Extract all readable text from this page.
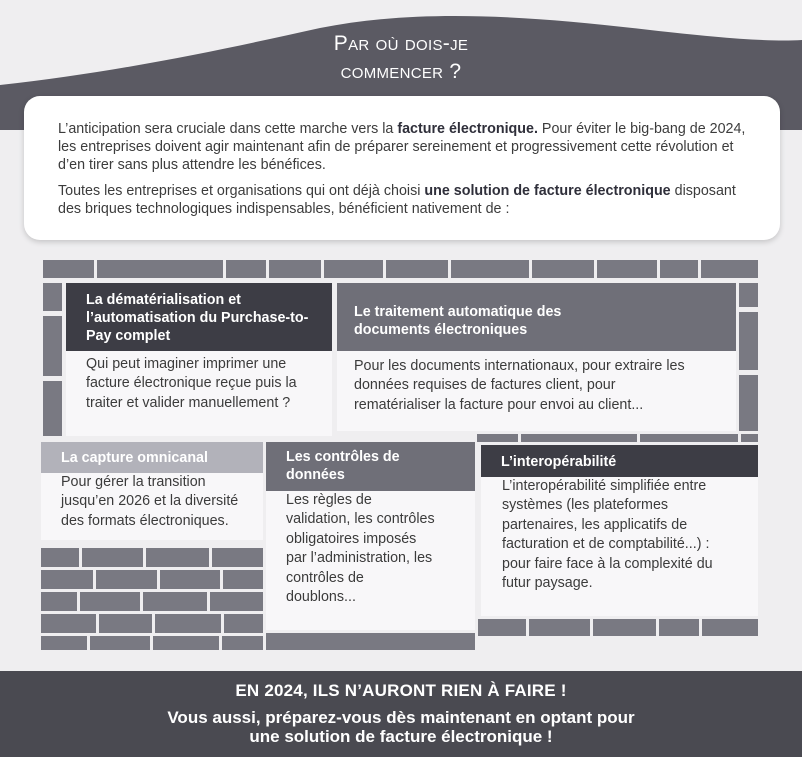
Par où dois-je
commencer ?

L’anticipation sera cruciale dans cette marche vers la facture électronique. Pour éviter le big-bang de 2024, les entreprises doivent agir maintenant afin de préparer sereinement et progressivement cette révolution et d’en tirer sans plus attendre les bénéfices.

Toutes les entreprises et organisations qui ont déjà choisi une solution de facture électronique disposant des briques technologiques indispensables, bénéficient nativement de :

La dématérialisation et l’automatisation du Purchase-to-Pay complet
Qui peut imaginer imprimer une facture électronique reçue puis la traiter et valider manuellement ?
Le traitement automatique des documents électroniques
Pour les documents internationaux, pour extraire les données requises de factures client, pour rematérialiser la facture pour envoi au client...
La capture omnicanal
Pour gérer la transition jusqu’en 2026 et la diversité des formats électroniques.
Les contrôles de données
Les règles de validation, les contrôles obligatoires imposés par l’administration, les contrôles de doublons...
L’interopérabilité
L’interopérabilité simplifiée entre systèmes (les plateformes partenaires, les applicatifs de facturation et de comptabilité...) : pour faire face à la complexité du futur paysage.
EN 2024, ILS N’AURONT RIEN À FAIRE !
Vous aussi, préparez-vous dès maintenant en optant pour
une solution de facture électronique !
